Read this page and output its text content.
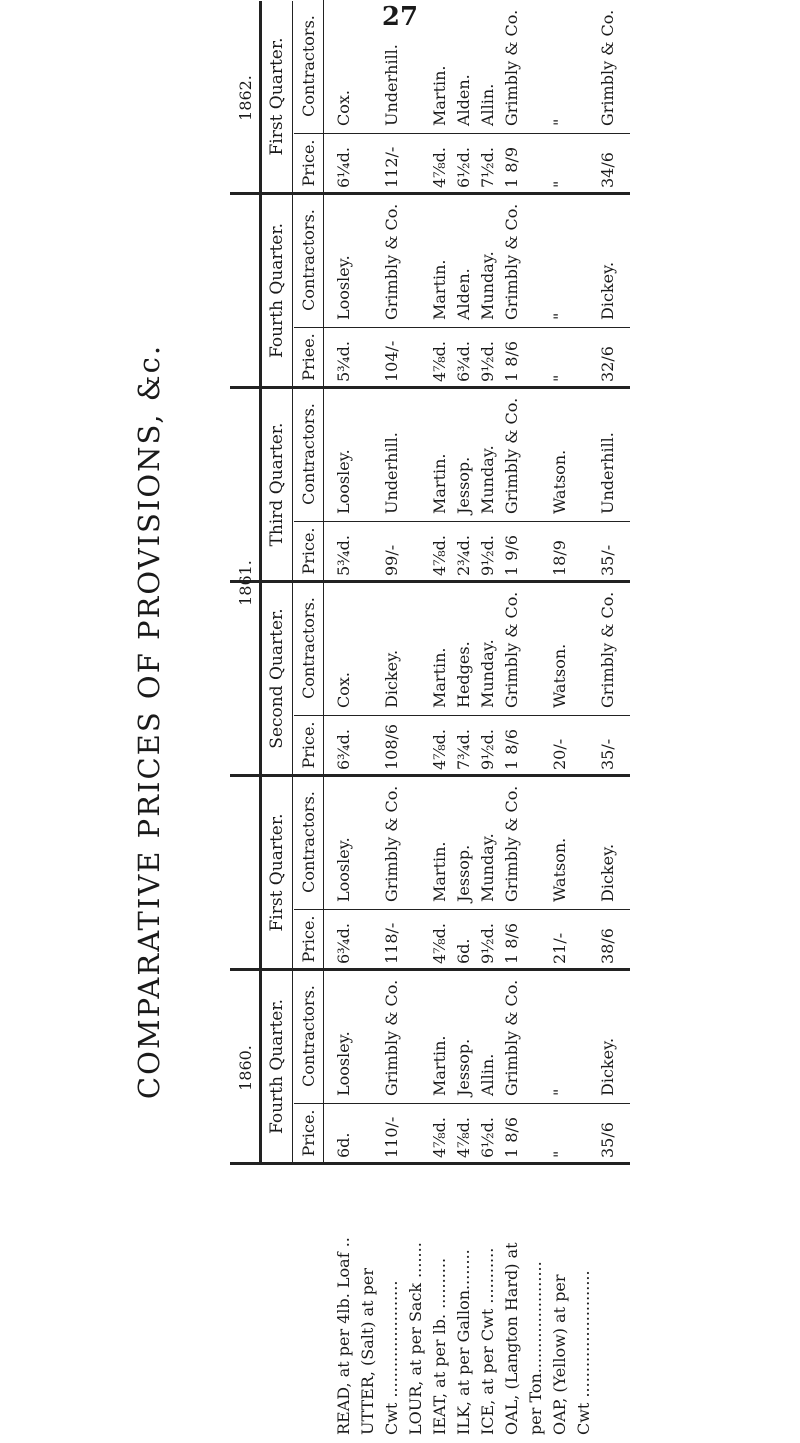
27
COMPARATIVE PRICES OF PROVISIONS, &c.
READ, at per 4lb. Loaf .. UTTER, (Salt) at per Cwt ....................... LOUR, at per Sack ....... IEAT, at per lb. .......... ILK, at per Gallon........ ICE, at per Cwt ........... OAL, (Langton Hard) at per Ton...................... OAP, (Yellow) at per Cwt .........................
Fourth Quarter. Price.
Contractors.
6d. 110/- 4⅞d. 4⅞d. 6½d. 1 8/6 " 35/6
Loosley. Grimbly & Co. Martin. Jessop. Allin. Grimbly & Co. " Dickey.
First Quarter.
Price.
Contractors.
6¾d. 118/- 4⅞d. 6d. 9½d. 1 8/6 21/- 38/6
Loosley. Grimbly & Co. Martin. Jessop. Munday. Grimbly & Co. Watson. Dickey.
Second Quarter. Price.
Contractors.
6¾d. 108/6 4⅞d. 7¾d. 9½d. 1 8/6 20/- 35/-
Cox. Dickey. Martin. Hedges. Munday. Grimbly & Co. Watson. Grimbly & Co.
Third Quarter.
Price.
Contractors.
5¾d. 99/- 4⅞d. 2¾d. 9½d. 1 9/6 18/9 35/-
Loosley. Underhill. Martin. Jessop. Munday. Grimbly & Co. Watson. Underhill.
Fourth Quarter. Priee.
Contractors.
5¾d. 104/- 4⅞d. 6¾d. 9½d. 1 8/6 " 32/6
Loosley. Grimbly & Co. Martin. Alden. Munday. Grimbly & Co. " Dickey.
First Quarter.
Price.
Contractors.
6¼d. 112/- 4⅞d. 6½d. 7½d. 1 8/9 " 34/6
Cox. Underhill. Martin. Alden. Allin. Grimbly & Co. " Grimbly & Co.
1860.
1861.
1862.
